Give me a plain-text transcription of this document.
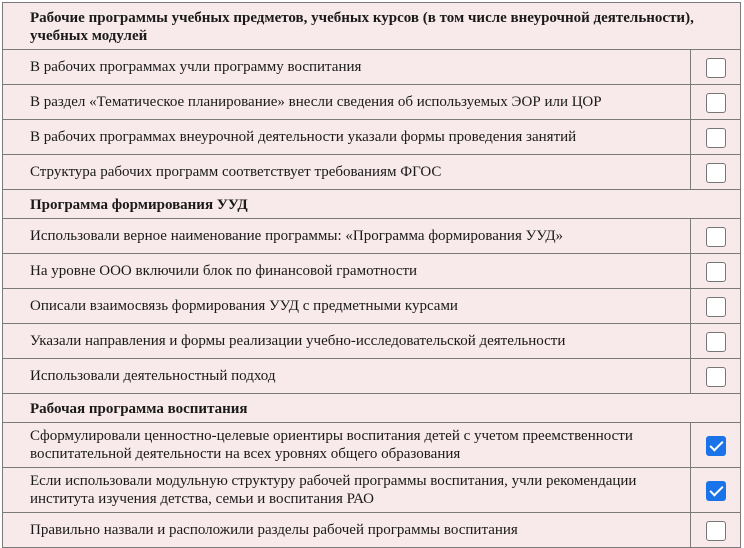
Рабочие программы учебных предметов, учебных курсов (в том числе внеурочной деятельности), учебных модулей	
В рабочих программах учли программу воспитания	
В раздел «Тематическое планирование» внесли сведения об используемых ЭОР или ЦОР	
В рабочих программах внеурочной деятельности указали формы проведения занятий	
Структура рабочих программ соответствует требованиям ФГОС	
Программа формирования УУД	
Использовали верное наименование программы: «Программа формирования УУД»	
На уровне ООО включили блок по финансовой грамотности	
Описали взаимосвязь формирования УУД с предметными курсами	
Указали направления и формы реализации учебно-исследовательской деятельности	
Использовали деятельностный подход	
Рабочая программа воспитания	
Сформулировали ценностно-целевые ориентиры воспитания детей с учетом преемственности воспитательной деятельности на всех уровнях общего образования	
Если использовали модульную структуру рабочей программы воспитания, учли рекомендации института изучения детства, семьи и воспитания РАО	
Правильно назвали и расположили разделы рабочей программы воспитания	
